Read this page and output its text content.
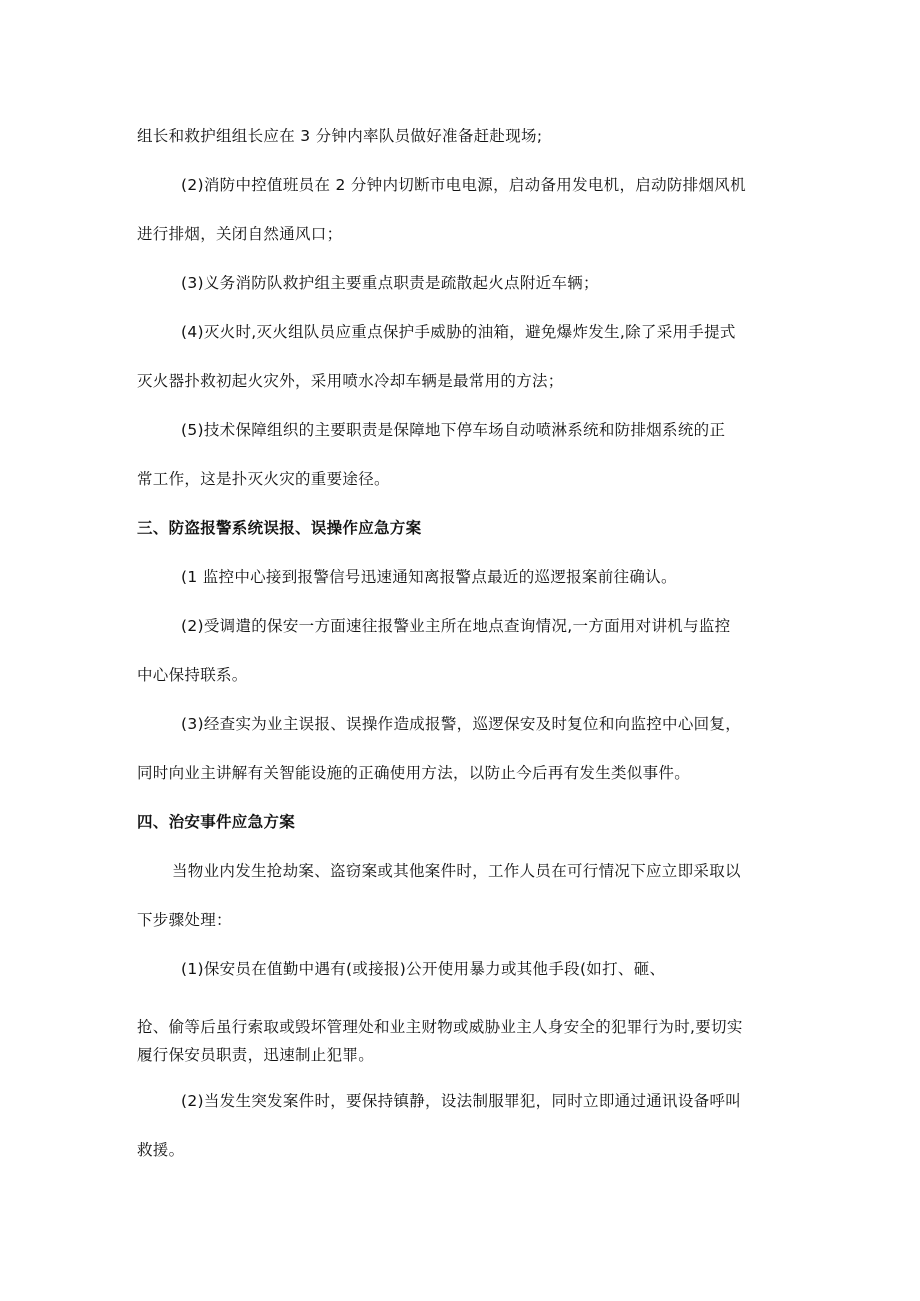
组长和救护组组长应在 3 分钟内率队员做好准备赶赴现场;
(2)消防中控值班员在 2 分钟内切断市电电源，启动备用发电机，启动防排烟风机
进行排烟，关闭自然通风口；
(3)义务消防队救护组主要重点职责是疏散起火点附近车辆；
(4)灭火时,灭火组队员应重点保护手威胁的油箱，避免爆炸发生,除了采用手提式
灭火器扑救初起火灾外，采用喷水冷却车辆是最常用的方法；
(5)技术保障组织的主要职责是保障地下停车场自动喷淋系统和防排烟系统的正
常工作，这是扑灭火灾的重要途径。
三、防盗报警系统误报、误操作应急方案
(1 监控中心接到报警信号迅速通知离报警点最近的巡逻报案前往确认。
(2)受调遣的保安一方面速往报警业主所在地点查询情况,一方面用对讲机与监控
中心保持联系。
(3)经查实为业主误报、误操作造成报警，巡逻保安及时复位和向监控中心回复，
同时向业主讲解有关智能设施的正确使用方法，以防止今后再有发生类似事件。
四、治安事件应急方案
当物业内发生抢劫案、盗窃案或其他案件时，工作人员在可行情况下应立即采取以
下步骤处理：
(1)保安员在值勤中遇有(或接报)公开使用暴力或其他手段(如打、砸、
抢、偷等后虽行索取或毁坏管理处和业主财物或威胁业主人身安全的犯罪行为时,要切实
履行保安员职责，迅速制止犯罪。
(2)当发生突发案件时，要保持镇静，设法制服罪犯，同时立即通过通讯设备呼叫
救援。
